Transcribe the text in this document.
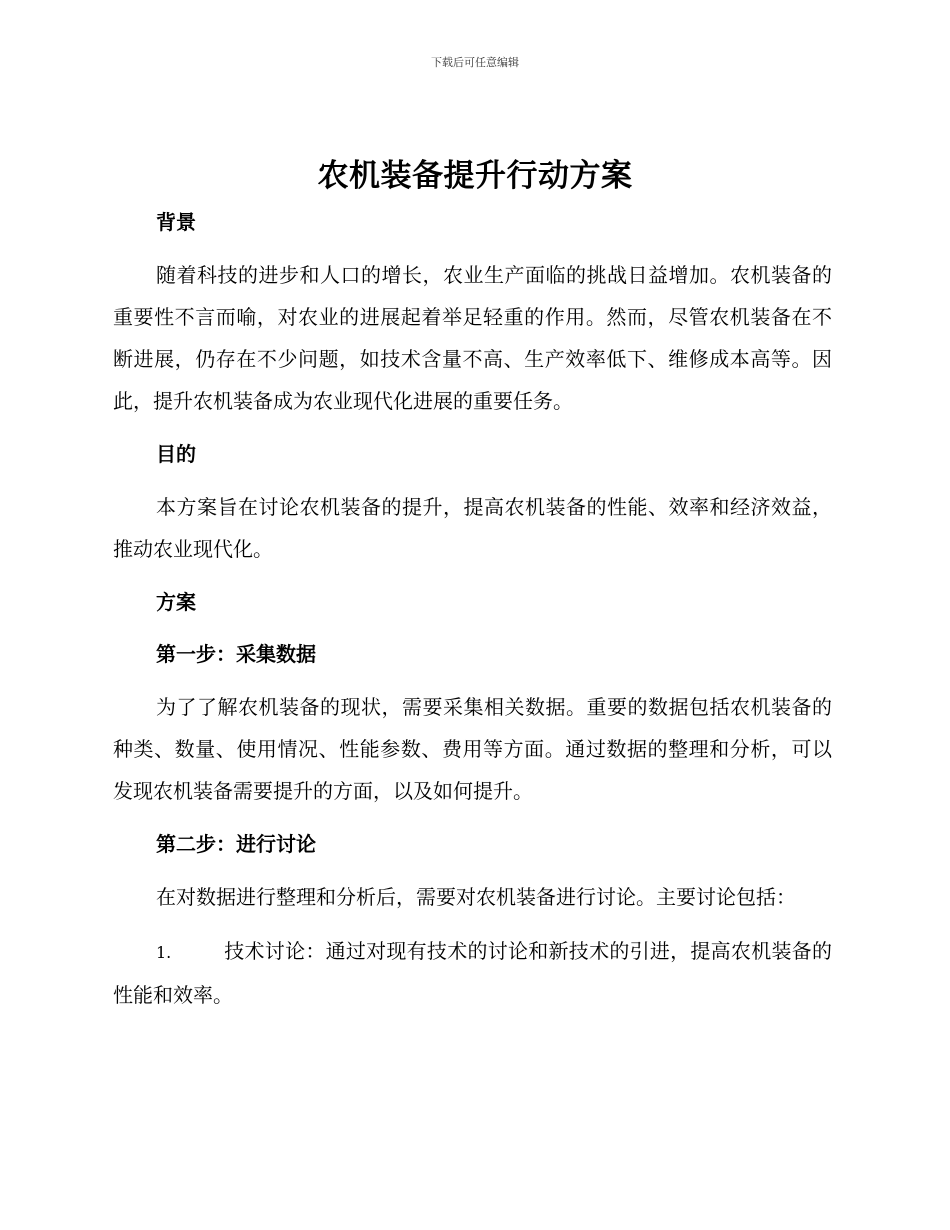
下载后可任意编辑
农机装备提升行动方案

背景

随着科技的进步和人口的增长，农业生产面临的挑战日益增加。农机装备的重要性不言而喻，对农业的进展起着举足轻重的作用。然而，尽管农机装备在不断进展，仍存在不少问题，如技术含量不高、生产效率低下、维修成本高等。因此，提升农机装备成为农业现代化进展的重要任务。

目的

本方案旨在讨论农机装备的提升，提高农机装备的性能、效率和经济效益，推动农业现代化。

方案

第一步：采集数据

为了了解农机装备的现状，需要采集相关数据。重要的数据包括农机装备的种类、数量、使用情况、性能参数、费用等方面。通过数据的整理和分析，可以发现农机装备需要提升的方面，以及如何提升。

第二步：进行讨论

在对数据进行整理和分析后，需要对农机装备进行讨论。主要讨论包括：

1.	技术讨论：通过对现有技术的讨论和新技术的引进，提高农机装备的性能和效率。
